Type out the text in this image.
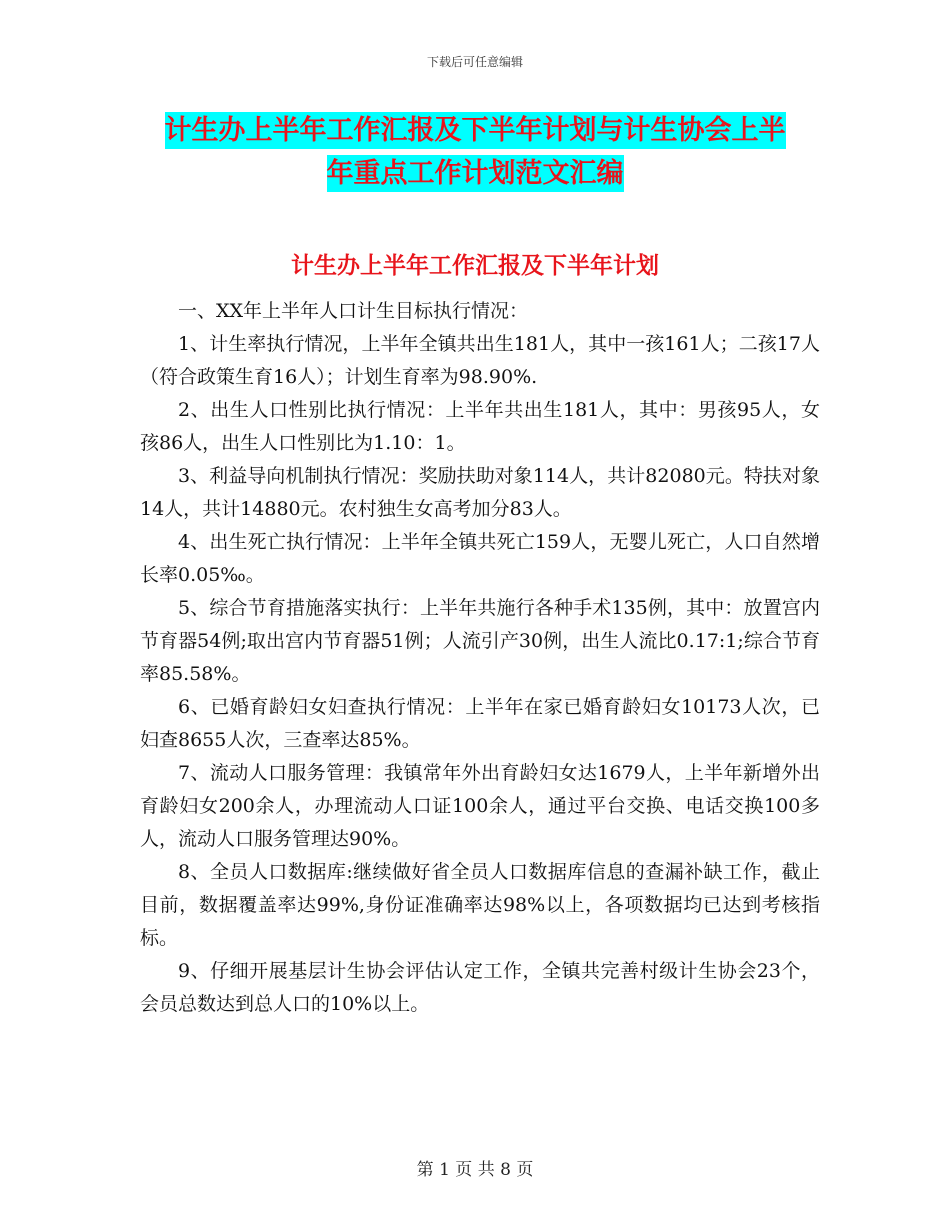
下载后可任意编辑
计生办上半年工作汇报及下半年计划与计生协会上半
年重点工作计划范文汇编
计生办上半年工作汇报及下半年计划

一、XX年上半年人口计生目标执行情况：

1、计生率执行情况，上半年全镇共出生181人，其中一孩161人；二孩17人（符合政策生育16人）；计划生育率为98.90%.

2、出生人口性别比执行情况：上半年共出生181人，其中：男孩95人，女孩86人，出生人口性别比为1.10：1。

3、利益导向机制执行情况：奖励扶助对象114人，共计82080元。特扶对象14人，共计14880元。农村独生女高考加分83人。

4、出生死亡执行情况：上半年全镇共死亡159人，无婴儿死亡，人口自然增长率0.05‰。

5、综合节育措施落实执行：上半年共施行各种手术135例，其中：放置宫内节育器54例;取出宫内节育器51例；人流引产30例，出生人流比0.17:1;综合节育率85.58%。

6、已婚育龄妇女妇查执行情况：上半年在家已婚育龄妇女10173人次，已妇查8655人次，三查率达85%。

7、流动人口服务管理：我镇常年外出育龄妇女达1679人，上半年新增外出育龄妇女200余人，办理流动人口证100余人，通过平台交换、电话交换100多人，流动人口服务管理达90%。

8、全员人口数据库:继续做好省全员人口数据库信息的查漏补缺工作，截止目前，数据覆盖率达99%,身份证准确率达98%以上，各项数据均已达到考核指标。

9、仔细开展基层计生协会评估认定工作，全镇共完善村级计生协会23个，会员总数达到总人口的10%以上。

第 1 页 共 8 页
